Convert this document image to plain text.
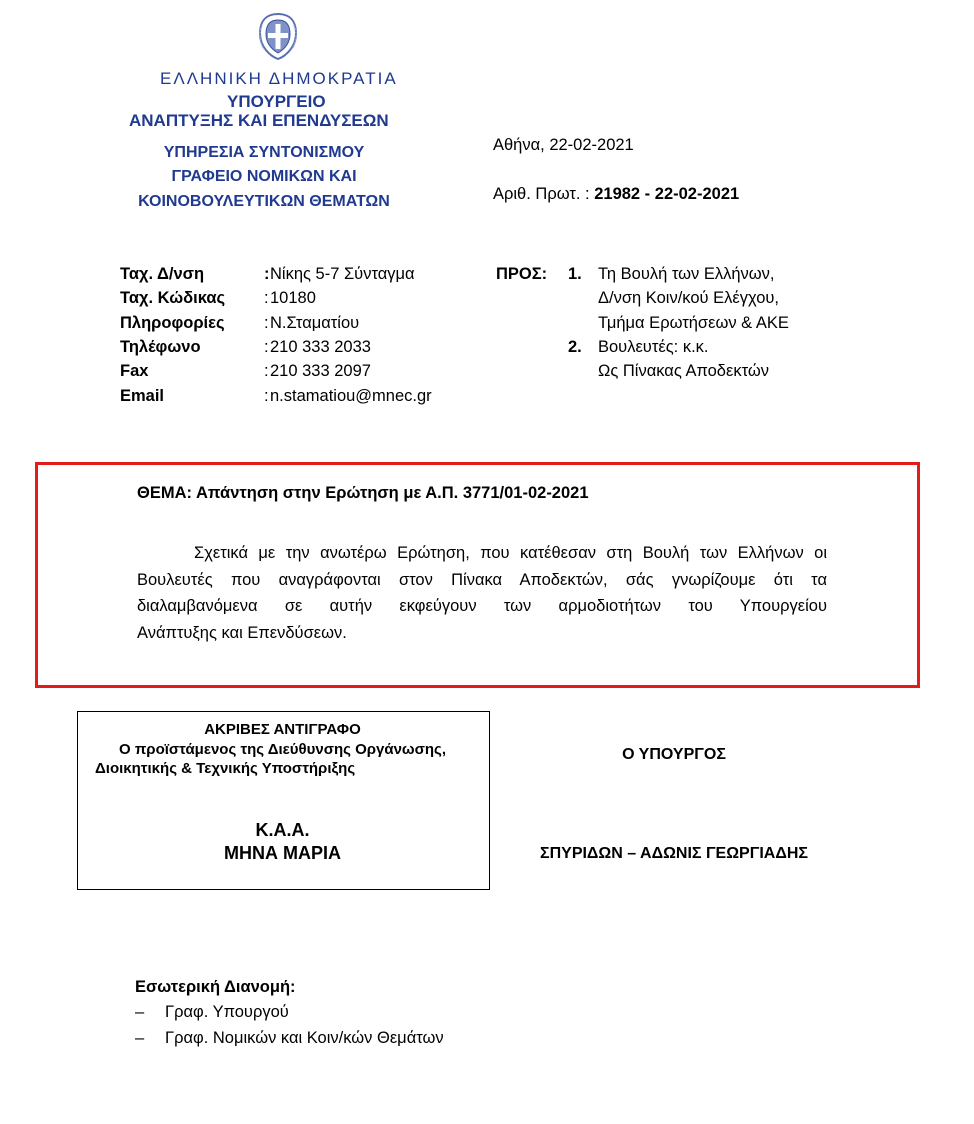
ΕΛΛΗΝΙΚΗ ΔΗΜΟΚΡΑΤΙΑ
ΥΠΟΥΡΓΕΙΟ
ΑΝΑΠΤΥΞΗΣ ΚΑΙ ΕΠΕΝΔΥΣΕΩΝ
ΥΠΗΡΕΣΙΑ ΣΥΝΤΟΝΙΣΜΟΥ
ΓΡΑΦΕΙΟ ΝΟΜΙΚΩΝ ΚΑΙ
ΚΟΙΝΟΒΟΥΛΕΥΤΙΚΩΝ ΘΕΜΑΤΩΝ
Αθήνα, 22-02-2021
Αριθ. Πρωτ. : 21982 - 22-02-2021
Ταχ. Δ/νση	: Νίκης 5-7 Σύνταγμα
Ταχ. Κώδικας : 10180
Πληροφορίες : Ν.Σταματίου
Τηλέφωνο	: 210 333 2033
Fax	: 210 333 2097
Email	: n.stamatiou@mnec.gr
ΠΡΟΣ: 1. Τη Βουλή των Ελλήνων,
Δ/νση Κοιν/κού Ελέγχου,
Τμήμα Ερωτήσεων & ΑΚΕ
2. Βουλευτές: κ.κ.
Ως Πίνακας Αποδεκτών
ΘΕΜΑ: Απάντηση στην Ερώτηση με Α.Π. 3771/01-02-2021
Σχετικά με την ανωτέρω Ερώτηση, που κατέθεσαν στη Βουλή των Ελλήνων οι
Βουλευτές που αναγράφονται στον Πίνακα Αποδεκτών, σάς γνωρίζουμε ότι τα
διαλαμβανόμενα σε αυτήν εκφεύγουν των αρμοδιοτήτων του Υπουργείου
Ανάπτυξης και Επενδύσεων.
ΑΚΡΙΒΕΣ ΑΝΤΙΓΡΑΦΟ
Ο προϊστάμενος της Διεύθυνσης Οργάνωσης,
Διοικητικής & Τεχνικής Υποστήριξης
Κ.Α.Α.
ΜΗΝΑ ΜΑΡΙΑ
Ο ΥΠΟΥΡΓΟΣ
ΣΠΥΡΙΔΩΝ – ΑΔΩΝΙΣ ΓΕΩΡΓΙΑΔΗΣ
Εσωτερική Διανομή:
– Γραφ. Υπουργού
– Γραφ. Νομικών και Κοιν/κών Θεμάτων
